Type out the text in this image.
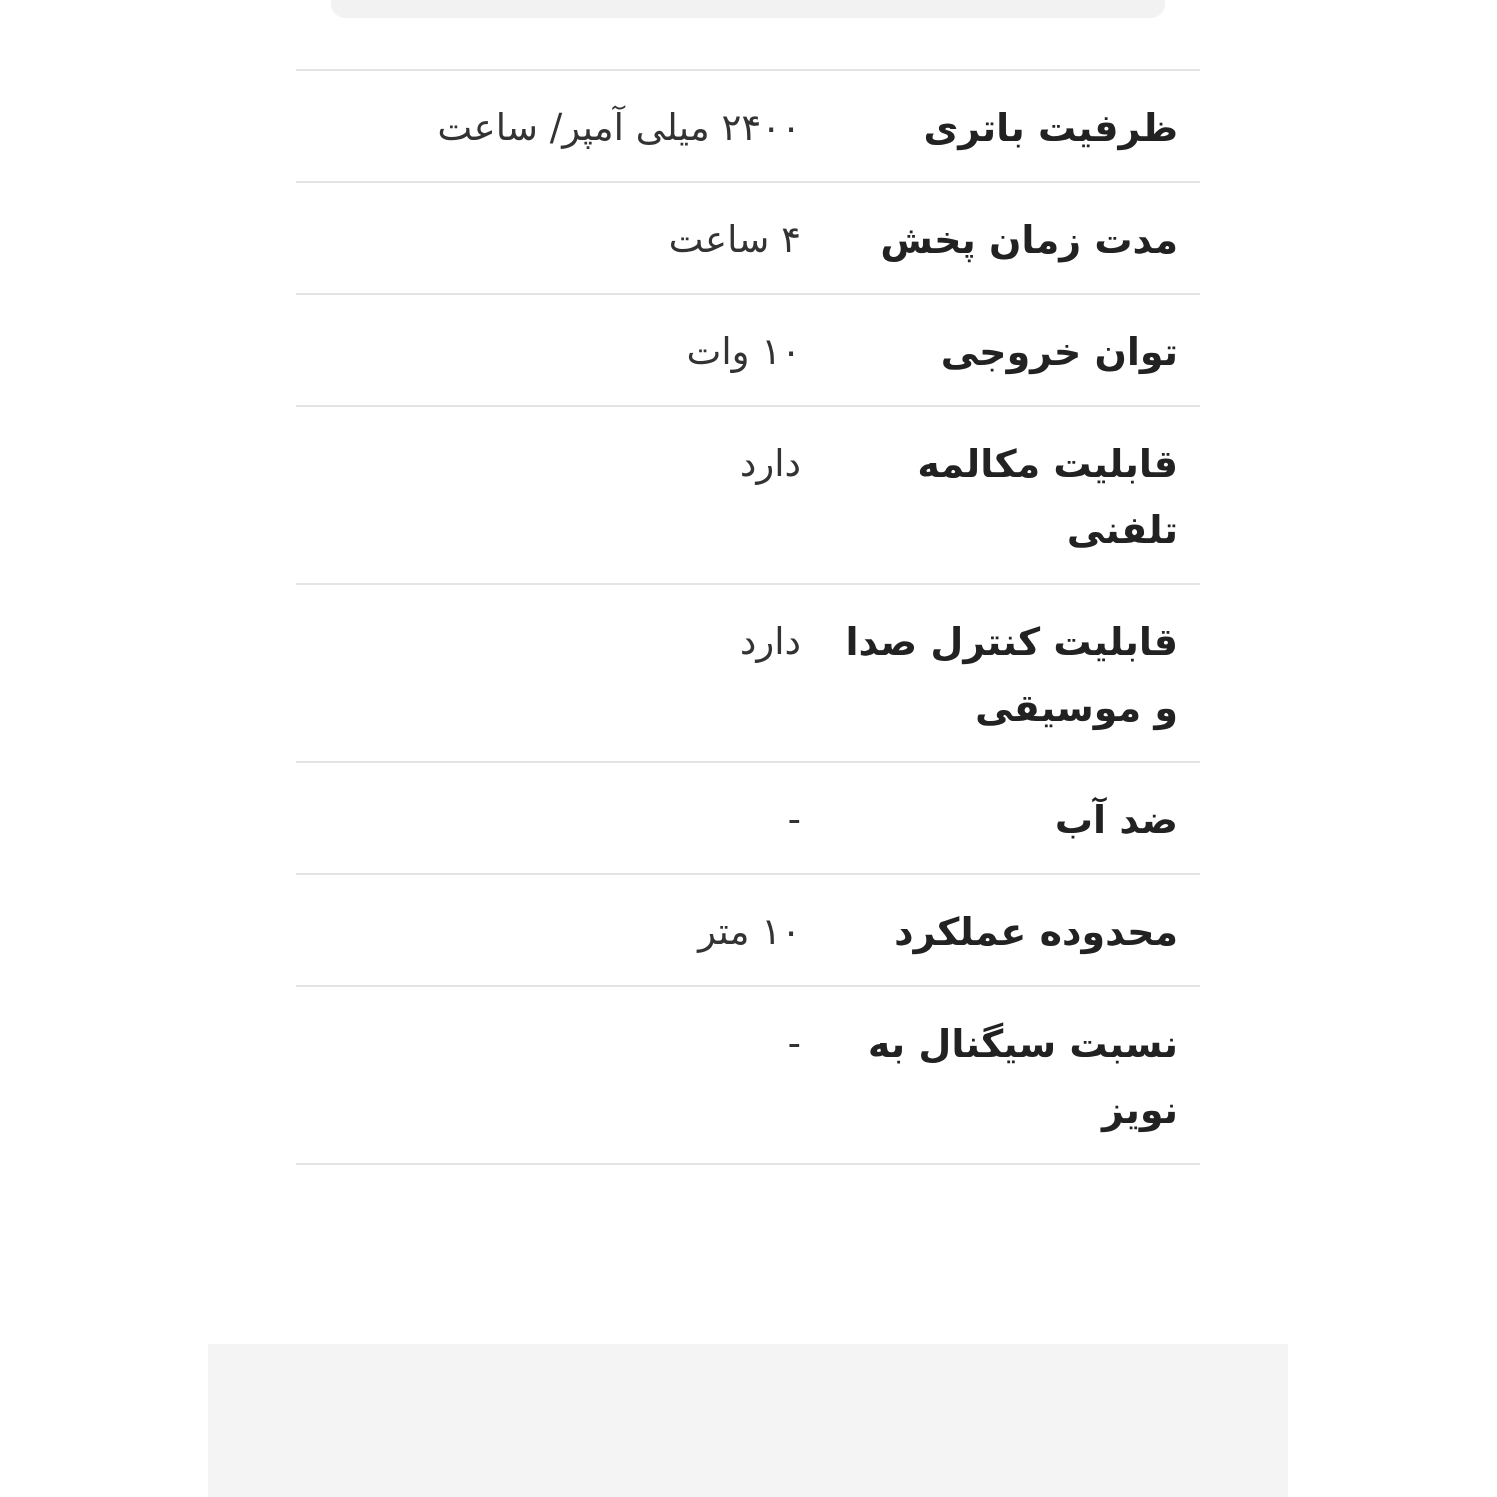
ظرفیت باتری
۲۴۰۰ میلی آمپر/ ساعت
مدت زمان پخش
۴ ساعت
توان خروجی
۱۰ وات
قابلیت مکالمه تلفنی
دارد
قابلیت کنترل صدا و موسیقی
دارد
ضد آب
-
محدوده عملکرد
۱۰ متر
نسبت سیگنال به نویز
-
